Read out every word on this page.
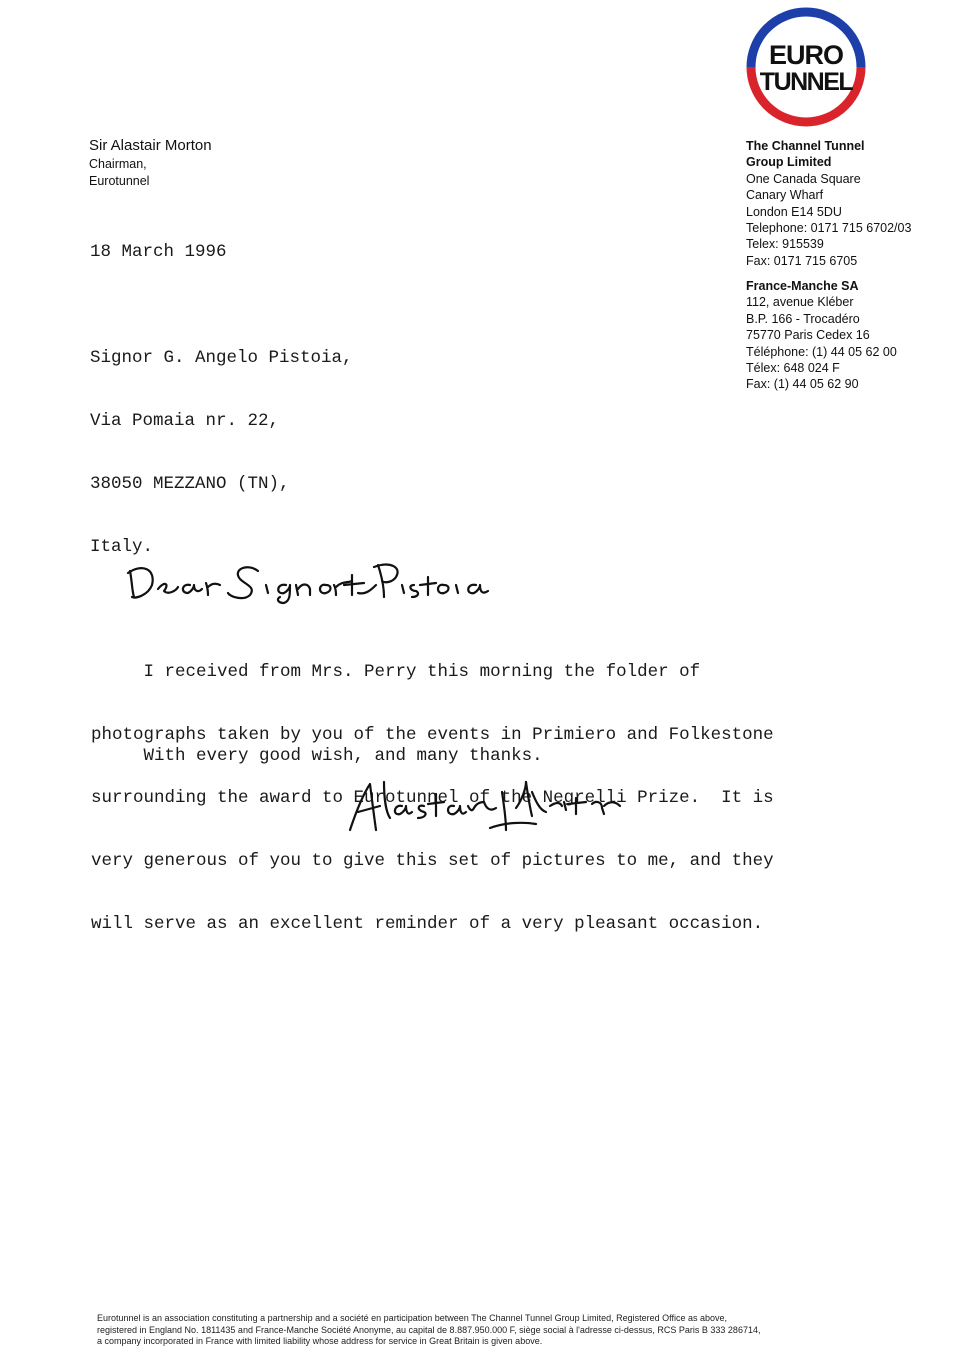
EURO
TUNNEL
Sir Alastair Morton
Chairman,
Eurotunnel
The Channel Tunnel
Group Limited
One Canada Square
Canary Wharf
London E14 5DU
Telephone: 0171 715 6702/03
Telex: 915539
Fax: 0171 715 6705
France-Manche SA
112, avenue Kléber
B.P. 166 - Trocadéro
75770 Paris Cedex 16
Téléphone: (1) 44 05 62 00
Télex: 648 024 F
Fax: (1) 44 05 62 90
18 March 1996

Signor G. Angelo Pistoia,

Via Pomaia nr. 22,

38050 MEZZANO (TN),

Italy.

I received from Mrs. Perry this morning the folder of

photographs taken by you of the events in Primiero and Folkestone

surrounding the award to Eurotunnel of the Negrelli Prize.  It is

very generous of you to give this set of pictures to me, and they

will serve as an excellent reminder of a very pleasant occasion.

With every good wish, and many thanks.
Eurotunnel is an association constituting a partnership and a société en participation between The Channel Tunnel Group Limited, Registered Office as above,
registered in England No. 1811435 and France-Manche Société Anonyme, au capital de 8.887.950.000 F, siège social à l'adresse ci-dessus, RCS Paris B 333 286714,
a company incorporated in France with limited liability whose address for service in Great Britain is given above.
